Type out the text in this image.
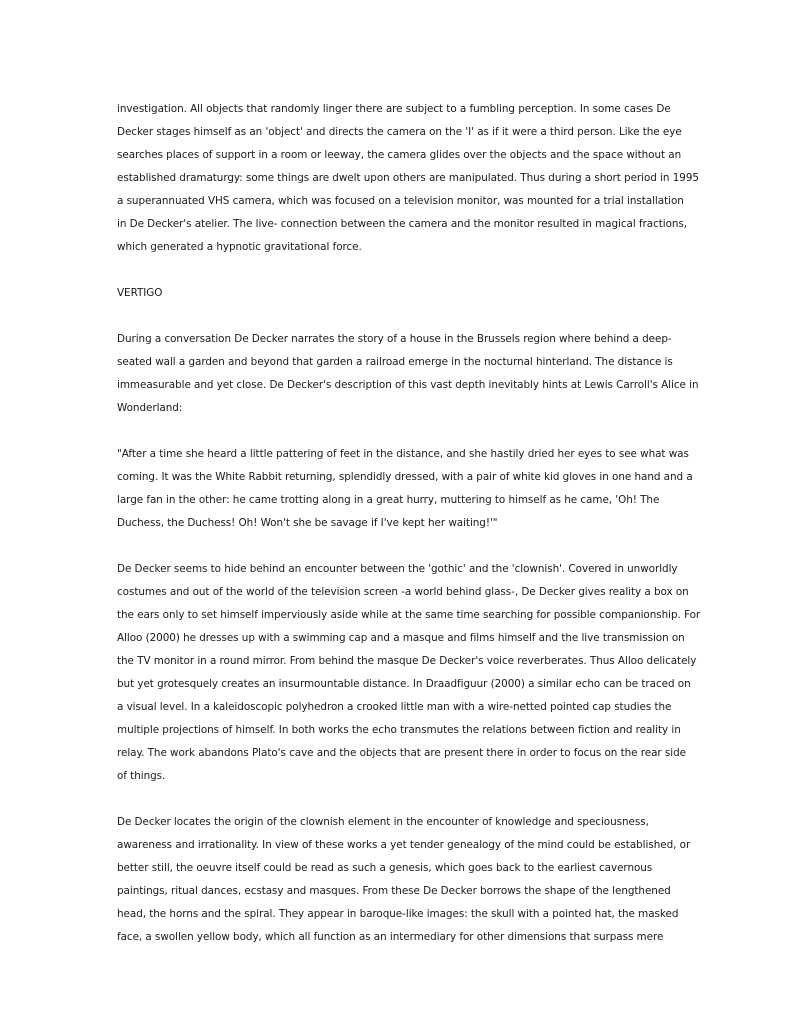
investigation. All objects that randomly linger there are subject to a fumbling perception. In some cases De
Decker stages himself as an 'object' and directs the camera on the 'I' as if it were a third person. Like the eye
searches places of support in a room or leeway, the camera glides over the objects and the space without an
established dramaturgy: some things are dwelt upon others are manipulated. Thus during a short period in 1995
a superannuated VHS camera, which was focused on a television monitor, was mounted for a trial installation
in De Decker's atelier. The live- connection between the camera and the monitor resulted in magical fractions,
which generated a hypnotic gravitational force.
VERTIGO
During a conversation De Decker narrates the story of a house in the Brussels region where behind a deep-
seated wall a garden and beyond that garden a railroad emerge in the nocturnal hinterland. The distance is
immeasurable and yet close. De Decker's description of this vast depth inevitably hints at Lewis Carroll's Alice in
Wonderland:
"After a time she heard a little pattering of feet in the distance, and she hastily dried her eyes to see what was
coming. It was the White Rabbit returning, splendidly dressed, with a pair of white kid gloves in one hand and a
large fan in the other: he came trotting along in a great hurry, muttering to himself as he came, 'Oh! The
Duchess, the Duchess! Oh! Won't she be savage if I've kept her waiting!'"
De Decker seems to hide behind an encounter between the 'gothic' and the 'clownish'. Covered in unworldly
costumes and out of the world of the television screen -a world behind glass-, De Decker gives reality a box on
the ears only to set himself imperviously aside while at the same time searching for possible companionship. For
Alloo (2000) he dresses up with a swimming cap and a masque and films himself and the live transmission on
the TV monitor in a round mirror. From behind the masque De Decker's voice reverberates. Thus Alloo delicately
but yet grotesquely creates an insurmountable distance. In Draadfiguur (2000) a similar echo can be traced on
a visual level. In a kaleidoscopic polyhedron a crooked little man with a wire-netted pointed cap studies the
multiple projections of himself. In both works the echo transmutes the relations between fiction and reality in
relay. The work abandons Plato's cave and the objects that are present there in order to focus on the rear side
of things.
De Decker locates the origin of the clownish element in the encounter of knowledge and speciousness,
awareness and irrationality. In view of these works a yet tender genealogy of the mind could be established, or
better still, the oeuvre itself could be read as such a genesis, which goes back to the earliest cavernous
paintings, ritual dances, ecstasy and masques. From these De Decker borrows the shape of the lengthened
head, the horns and the spiral. They appear in baroque-like images: the skull with a pointed hat, the masked
face, a swollen yellow body, which all function as an intermediary for other dimensions that surpass mere
